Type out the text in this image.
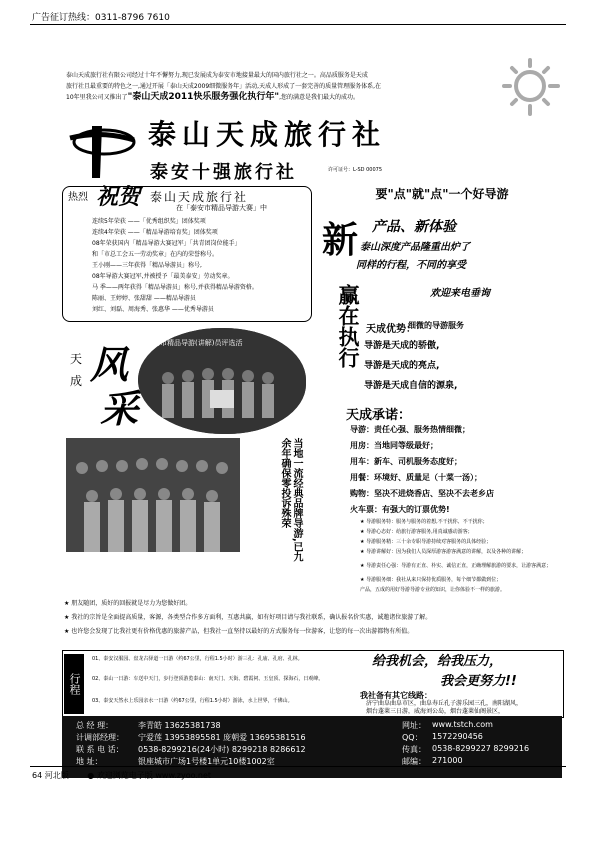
广告征订热线：0311-8796 7610
泰山天成旅行社有限公司经过十年不懈努力,现已发展成为泰安市地接量最大的国内旅行社之一。高品质服务是天成
旅行社且最重要的特色之一,通过开展「泰山天成2009细微服务年」活动,天成人形成了一套完善的质量管理服务体系,在
10年里我公司又推出了"泰山天成2011快乐服务强化执行年",您的满意是我们最大的成功。
泰山天成旅行社
泰安十强旅行社	许可证号：L-SD 00075
热烈 祝贺 泰山天成旅行社
在「泰安市精品导游大赛」中
连续5年荣获 ——「优秀组织奖」团体奖项
连续4年荣获 ——「精品导游培育奖」团体奖项
08年荣获国内「精品导游大赛冠军」「共青团岗位能手」
和「市总工会五一劳动奖章」在内的荣誉称号。
王小刚——三年获得「精品导游员」称号,
08年导游大赛冠军,并被授予「最美泰安」劳动奖章。
马 季——两年获得「精品导游员」称号,并获得精品导游资格。
陈丽、王婷婷、张甜甜 ——精品导游员
刘红、刘磊、周海秀、张惠华 ——优秀导游员
要"点"就"点"一个好导游
新 产品、新体验
泰山深度产品隆重出炉了
同样的行程，不同的享受
欢迎来电垂询
赢在执行 天成优势：
细微的导游服务
导游是天成的骄傲,
导游是天成的亮点,
导游是天成自信的源泉,
天
成 风
采
泰安市精品导游(讲解)员评选活
当地一流经典品牌导游,已九余年确保零投诉殊荣
天成承诺：
导游：责任心强、服务热情细微；
用房：当地同等级最好；
用车：新车、司机服务态度好；
用餐：环境好、质量足（十菜一汤）；
购物：坚决不进烧香店、坚决不去老乡店
火车票：有强大的订票优势!
★ 导游服务特：服务与服务的着想,不干扰你、不干扰你；
★ 导游心态好：给旅行游客服务,用真诚感动游客；
★ 导游服务精：三十余专职导游持续对客服务的具体经验；
★ 导游讲解好：因为我们人员深厚游客游客满意的讲解，以及各种的讲解；
★ 导游责任心强：导游有正直、朴实、诚信正直，正确理解旅游的要求，让游客满意；
★ 导游服务细：我社从来只保持优质服务，每个细节都做到位；
产品，五成的用好导游导游专业的知识，让你体验不一样的旅游。
★ 朋友随团，质好的回报就是尽力为您做好团。
★ 我社的宗旨是全面提高质量，客源，各类型合作多方面利，互惠共赢，如有好项目请与我社联系，确认报名价实惠，诚邀诸位旅游了解。
★ 也许您会发现了比我社更有价格优惠的旅游产品，但我社一直坚持以最好的方式服务每一位游客，让您的每一次出游都物有所值。
行程
01、泰安汉服园、盘龙古驿道一日游（约67公里，行程1.5小时）游三孔：孔庙、孔府、孔林。
02、泰山一日游：车送中天门，步行登顶游览泰山：南天门、天街、碧霞祠、玉皇顶、探海石，日观峰。
03、泰安天然水上乐园亲水一日游（约67公里，行程1.5小时）游泳，水上世界，千佛山。
给我机会，给我压力，
我会更努力!!
我社备有其它线路：
济宁曲阜曲阜市区，曲阜寿丘孔子游乐园三孔，南阳湖风，
烟台蓬莱三日游，威海刘公岛，烟台蓬莱仙阁景区，
总 经 理：	李青皓 13625381738
计调部经理： 宁爱莲 13953895581 庞朝爱 13695381516
联 系 电 话： 0538-8299216(24小时) 8299218 8286612
地 址：	银座城市广场1号楼1单元10楼1002室
网址： www.tstch.com
QQ： 1572290456
传真： 0538-8299227 8299216
邮编： 271000
64 河北版 ● 欢迎浏览电子版 www.zyoo.net
